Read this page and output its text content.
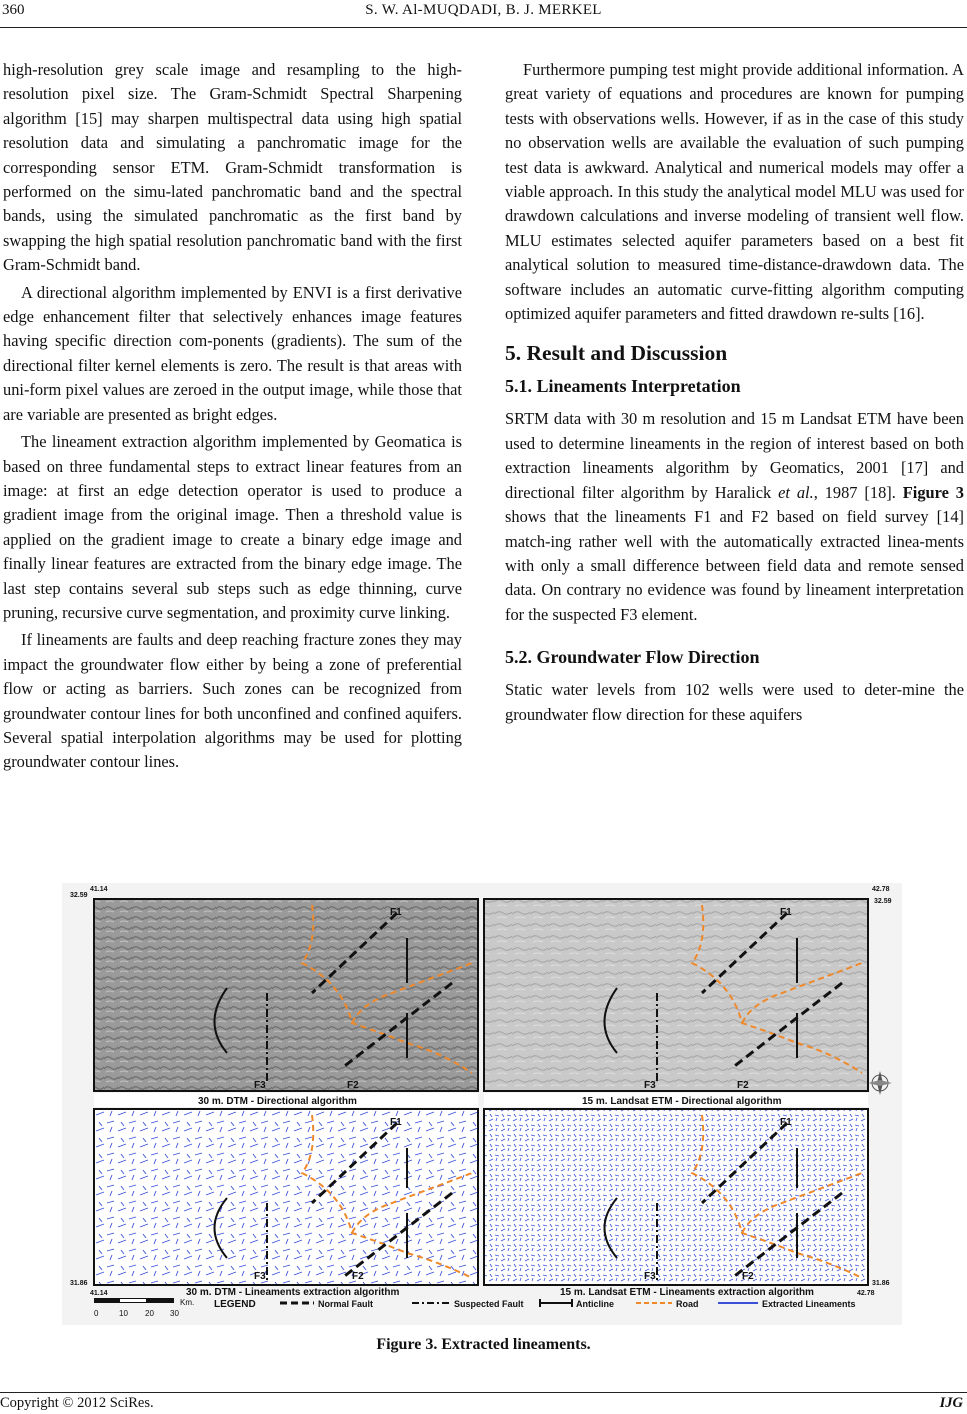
360	S. W. Al-MUQDADI, B. J. MERKEL

high-resolution grey scale image and resampling to the high-resolution pixel size. The Gram-Schmidt Spectral Sharpening algorithm [15] may sharpen multispectral data using high spatial resolution data and simulating a panchromatic image for the corresponding sensor ETM. Gram-Schmidt transformation is performed on the simu-lated panchromatic band and the spectral bands, using the simulated panchromatic as the first band by swapping the high spatial resolution panchromatic band with the first Gram-Schmidt band.

A directional algorithm implemented by ENVI is a first derivative edge enhancement filter that selectively enhances image features having specific direction com-ponents (gradients). The sum of the directional filter kernel elements is zero. The result is that areas with uni-form pixel values are zeroed in the output image, while those that are variable are presented as bright edges.

The lineament extraction algorithm implemented by Geomatica is based on three fundamental steps to extract linear features from an image: at first an edge detection operator is used to produce a gradient image from the original image. Then a threshold value is applied on the gradient image to create a binary edge image and finally linear features are extracted from the binary edge image. The last step contains several sub steps such as edge thinning, curve pruning, recursive curve segmentation, and proximity curve linking.

If lineaments are faults and deep reaching fracture zones they may impact the groundwater flow either by being a zone of preferential flow or acting as barriers. Such zones can be recognized from groundwater contour lines for both unconfined and confined aquifers. Several spatial interpolation algorithms may be used for plotting groundwater contour lines.

Furthermore pumping test might provide additional information. A great variety of equations and procedures are known for pumping tests with observations wells. However, if as in the case of this study no observation wells are available the evaluation of such pumping test data is awkward. Analytical and numerical models may offer a viable approach. In this study the analytical model MLU was used for drawdown calculations and inverse modeling of transient well flow. MLU estimates selected aquifer parameters based on a best fit analytical solution to measured time-distance-drawdown data. The software includes an automatic curve-fitting algorithm computing optimized aquifer parameters and fitted drawdown re-sults [16].

5. Result and Discussion
5.1. Lineaments Interpretation

SRTM data with 30 m resolution and 15 m Landsat ETM have been used to determine lineaments in the region of interest based on both extraction lineaments algorithm by Geomatics, 2001 [17] and directional filter algorithm by Haralick et al., 1987 [18]. Figure 3 shows that the lineaments F1 and F2 based on field survey [14] match-ing rather well with the automatically extracted linea-ments with only a small difference between field data and remote sensed data. On contrary no evidence was found by lineament interpretation for the suspected F3 element.

5.2. Groundwater Flow Direction

Static water levels from 102 wells were used to deter-mine the groundwater flow direction for these aquifers

F1
F2
F3
32.59
41.14
30 m. DTM - Directional algorithm
F1
F2
F3
42.78
32.59
15 m. Landsat ETM - Directional algorithm
F1
F2
F3
31.86
41.14	30 m. DTM - Lineaments extraction algorithm
F1
F2
F3
31.86
42.78
15 m. Landsat ETM - Lineaments extraction algorithm
0	10 20 30
Km. LEGEND	Normal Fault	Suspected Fault	Anticline	Road	Extracted Lineaments
Figure 3. Extracted lineaments.
Copyright © 2012 SciRes.	IJG
